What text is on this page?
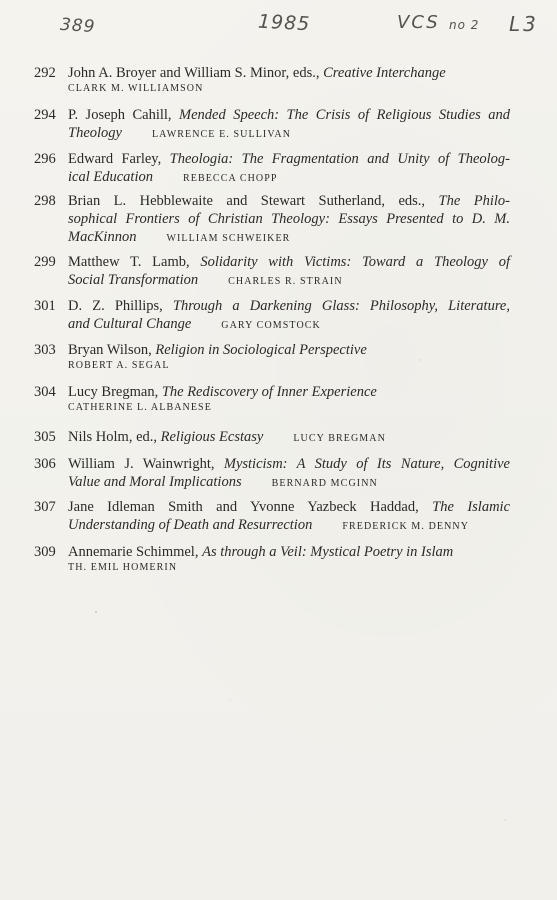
389	1985	VCS no 2 L3
292 John A. Broyer and William S. Minor, eds., Creative Interchange
CLARK M. WILLIAMSON
294 P. Joseph Cahill, Mended Speech: The Crisis of Religious Studies and
Theology	LAWRENCE E. SULLIVAN
296 Edward Farley, Theologia: The Fragmentation and Unity of Theolog-
ical Education	REBECCA CHOPP
298 Brian L. Hebblewaite and Stewart Sutherland, eds., The Philo-
sophical Frontiers of Christian Theology: Essays Presented to D. M.
MacKinnon	WILLIAM SCHWEIKER
299 Matthew T. Lamb, Solidarity with Victims: Toward a Theology of
Social Transformation	CHARLES R. STRAIN
301 D. Z. Phillips, Through a Darkening Glass: Philosophy, Literature,
and Cultural Change	GARY COMSTOCK
303 Bryan Wilson, Religion in Sociological Perspective
ROBERT A. SEGAL
304 Lucy Bregman, The Rediscovery of Inner Experience
CATHERINE L. ALBANESE
305 Nils Holm, ed., Religious Ecstasy	LUCY BREGMAN
306 William J. Wainwright, Mysticism: A Study of Its Nature, Cognitive
Value and Moral Implications	BERNARD MCGINN
307 Jane Idleman Smith and Yvonne Yazbeck Haddad, The Islamic
Understanding of Death and Resurrection	FREDERICK M. DENNY
309 Annemarie Schimmel, As through a Veil: Mystical Poetry in Islam
TH. EMIL HOMERIN
